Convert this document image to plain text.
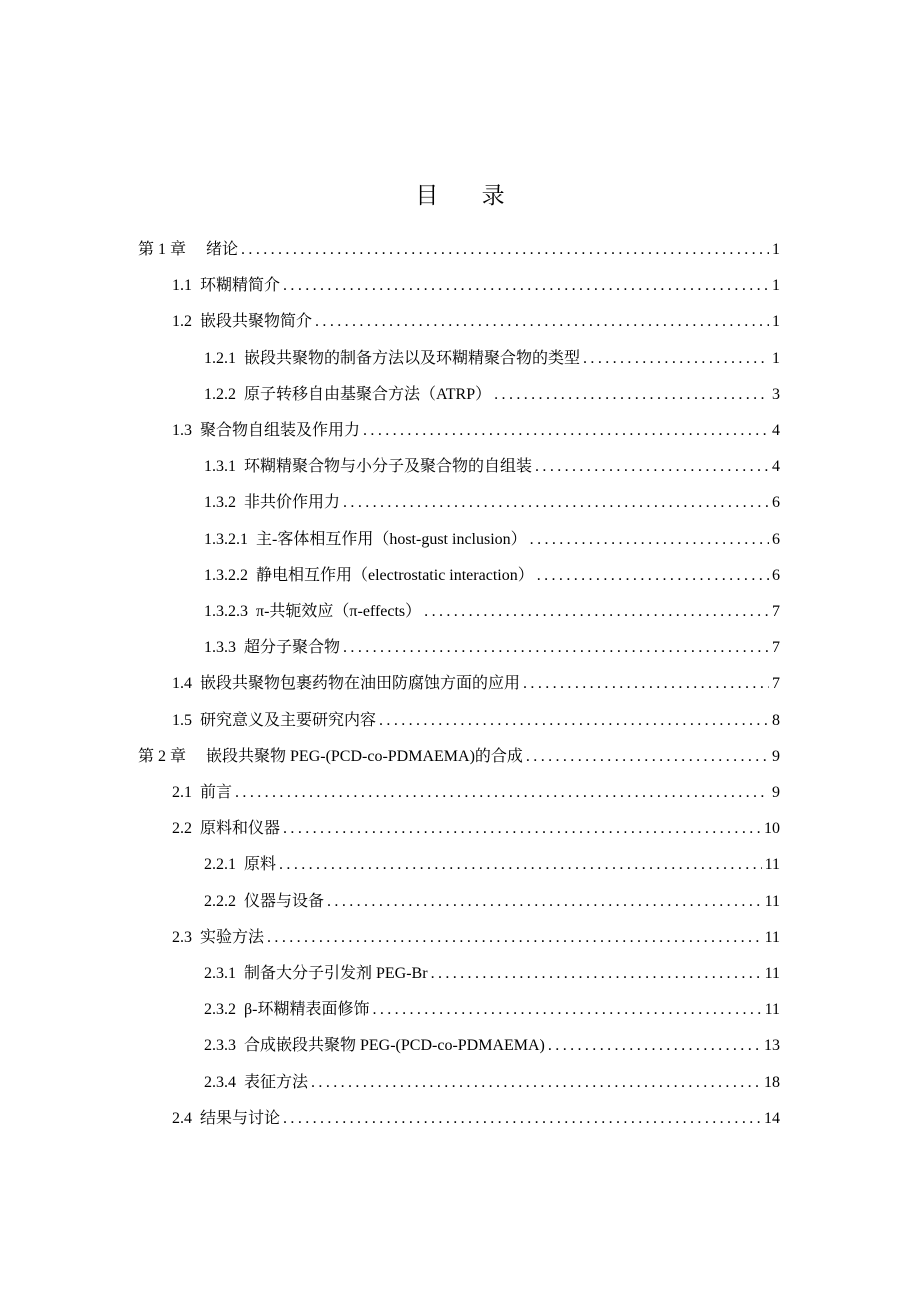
目 录
第 1 章 绪论 .....	1
1.1 环糊精简介 .....	1
1.2 嵌段共聚物简介 .....	1
1.2.1 嵌段共聚物的制备方法以及环糊精聚合物的类型 .....	1
1.2.2 原子转移自由基聚合方法（ATRP） .....	3
1.3 聚合物自组装及作用力 .....	4
1.3.1 环糊精聚合物与小分子及聚合物的自组装 .....	4
1.3.2 非共价作用力 .....	6
1.3.2.1 主-客体相互作用（host-gust inclusion） .....	6
1.3.2.2 静电相互作用（electrostatic interaction） .....	6
1.3.2.3 π-共轭效应（π-effects） .....	7
1.3.3 超分子聚合物 .....	7
1.4 嵌段共聚物包裹药物在油田防腐蚀方面的应用 .....	7
1.5 研究意义及主要研究内容 .....	8
第 2 章 嵌段共聚物 PEG-(PCD-co-PDMAEMA)的合成 .....	9
2.1 前言 .....	9
2.2 原料和仪器 .....	10
2.2.1 原料 .....	11
2.2.2 仪器与设备 .....	11
2.3 实验方法 .....	11
2.3.1 制备大分子引发剂 PEG-Br .....	11
2.3.2 β-环糊精表面修饰 .....	11
2.3.3 合成嵌段共聚物 PEG-(PCD-co-PDMAEMA) .....	13
2.3.4 表征方法 .....	18
2.4 结果与讨论 .....	14
